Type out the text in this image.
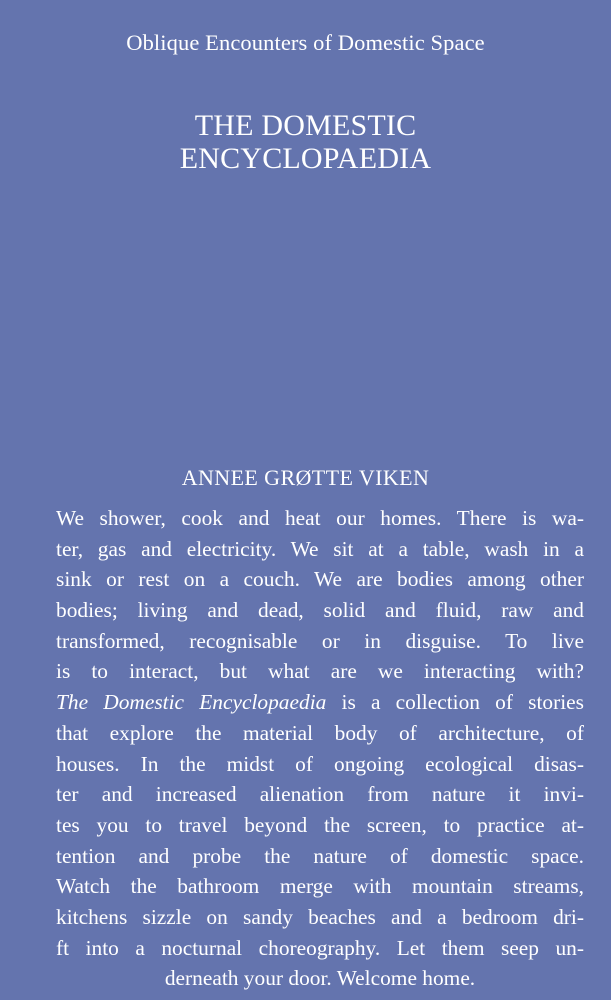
Oblique Encounters of Domestic Space
THE DOMESTIC
ENCYCLOPAEDIA
ANNEE GRØTTE VIKEN
We shower, cook and heat our homes. There is wa-
ter, gas and electricity. We sit at a table, wash in a
sink or rest on a couch. We are bodies among other
bodies; living and dead, solid and fluid, raw and
transformed, recognisable or in disguise. To live
is to interact, but what are we interacting with?
The Domestic Encyclopaedia is a collection of stories
that explore the material body of architecture, of
houses. In the midst of ongoing ecological disas-
ter and increased alienation from nature it invi-
tes you to travel beyond the screen, to practice at-
tention and probe the nature of domestic space.
Watch the bathroom merge with mountain streams,
kitchens sizzle on sandy beaches and a bedroom dri-
ft into a nocturnal choreography. Let them seep un-
derneath your door. Welcome home.
